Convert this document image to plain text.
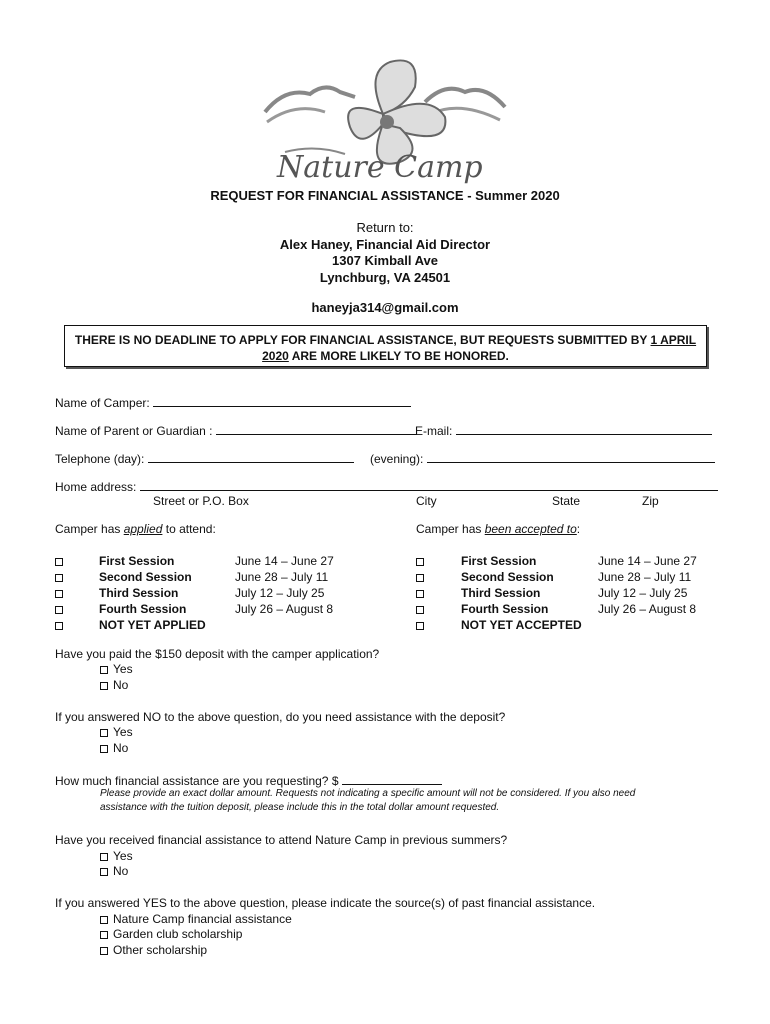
Nature Camp
REQUEST FOR FINANCIAL ASSISTANCE - Summer 2020
Return to:
Alex Haney, Financial Aid Director
1307 Kimball Ave
Lynchburg, VA 24501
haneyja314@gmail.com
THERE IS NO DEADLINE TO APPLY FOR FINANCIAL ASSISTANCE, BUT REQUESTS SUBMITTED BY 1 APRIL
2020 ARE MORE LIKELY TO BE HONORED.
Name of Camper:
Name of Parent or Guardian :	E-mail:
Telephone (day):	(evening):
Home address:
Street or P.O. Box	City	State	Zip
Camper has applied to attend:	Camper has been accepted to:
First Session	June 14 – June 27
Second Session	June 28 – July 11
Third Session	July 12 – July 25
Fourth Session	July 26 – August 8
NOT YET APPLIED
First Session	June 14 – June 27
Second Session	June 28 – July 11
Third Session	July 12 – July 25
Fourth Session	July 26 – August 8
NOT YET ACCEPTED
Have you paid the $150 deposit with the camper application?
Yes
No
If you answered NO to the above question, do you need assistance with the deposit?
Yes
No
How much financial assistance are you requesting? $
Please provide an exact dollar amount. Requests not indicating a specific amount will not be considered. If you also need
assistance with the tuition deposit, please include this in the total dollar amount requested.
Have you received financial assistance to attend Nature Camp in previous summers?
Yes
No
If you answered YES to the above question, please indicate the source(s) of past financial assistance.
Nature Camp financial assistance
Garden club scholarship
Other scholarship
